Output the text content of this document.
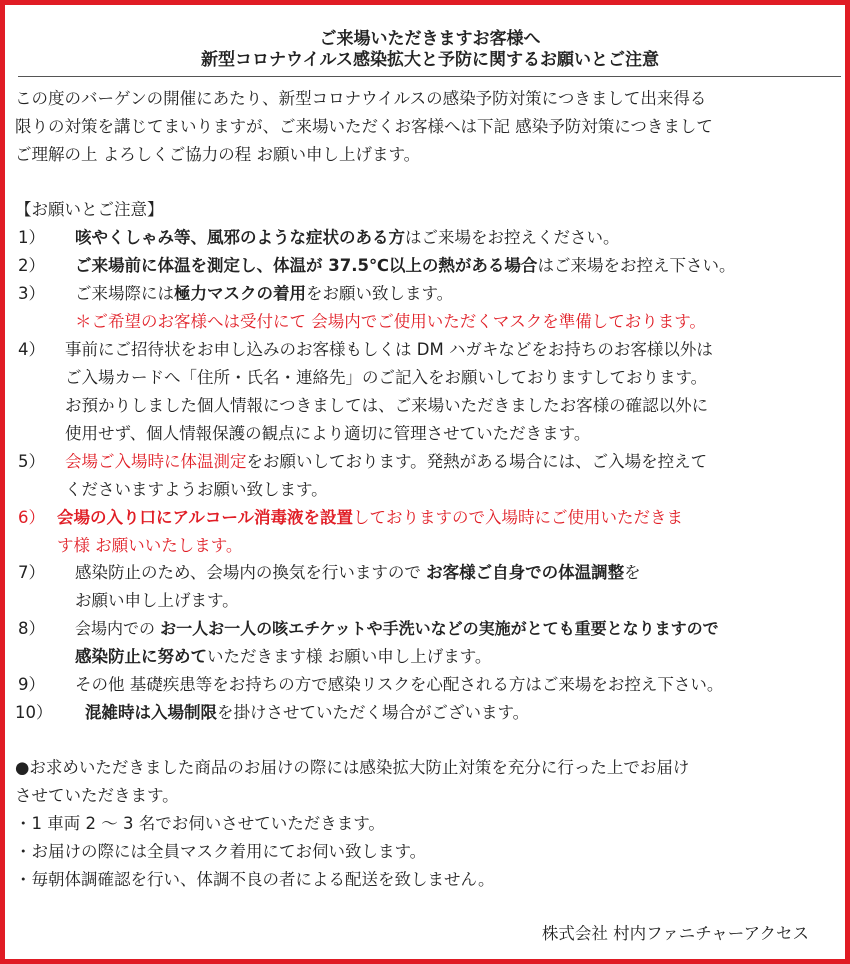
ご来場いただきますお客様へ
新型コロナウイルス感染拡大と予防に関するお願いとご注意
この度のバーゲンの開催にあたり、新型コロナウイルスの感染予防対策につきまして出来得る
限りの対策を講じてまいりますが、ご来場いただくお客様へは下記 感染予防対策につきまして
ご理解の上 よろしくご協力の程 お願い申し上げます。
【お願いとご注意】
1） 咳やくしゃみ等、風邪のような症状のある方はご来場をお控えください。
2） ご来場前に体温を測定し、体温が 37.5℃以上の熱がある場合はご来場をお控え下さい。
3） ご来場際には極力マスクの着用をお願い致します。
＊ご希望のお客様へは受付にて 会場内でご使用いただくマスクを準備しております。
4） 事前にご招待状をお申し込みのお客様もしくは DM ハガキなどをお持ちのお客様以外は
ご入場カードへ「住所・氏名・連絡先」のご記入をお願いしておりますしております。
お預かりしました個人情報につきましては、ご来場いただきましたお客様の確認以外に
使用せず、個人情報保護の観点により適切に管理させていただきます。
5） 会場ご入場時に体温測定をお願いしております。発熱がある場合には、ご入場を控えて
くださいますようお願い致します。
6） 会場の入り口にアルコール消毒液を設置しておりますので入場時にご使用いただきま
す様 お願いいたします。
7） 感染防止のため、会場内の換気を行いますので お客様ご自身での体温調整を
お願い申し上げます。
8） 会場内での お一人お一人の咳エチケットや手洗いなどの実施がとても重要となりますので
感染防止に努めていただきます様 お願い申し上げます。
9） その他 基礎疾患等をお持ちの方で感染リスクを心配される方はご来場をお控え下さい。
10） 混雑時は入場制限を掛けさせていただく場合がございます。
●お求めいただきました商品のお届けの際には感染拡大防止対策を充分に行った上でお届け
させていただきます。
・1 車両 2 〜 3 名でお伺いさせていただきます。
・お届けの際には全員マスク着用にてお伺い致します。
・毎朝体調確認を行い、体調不良の者による配送を致しません。
株式会社 村内ファニチャーアクセス
